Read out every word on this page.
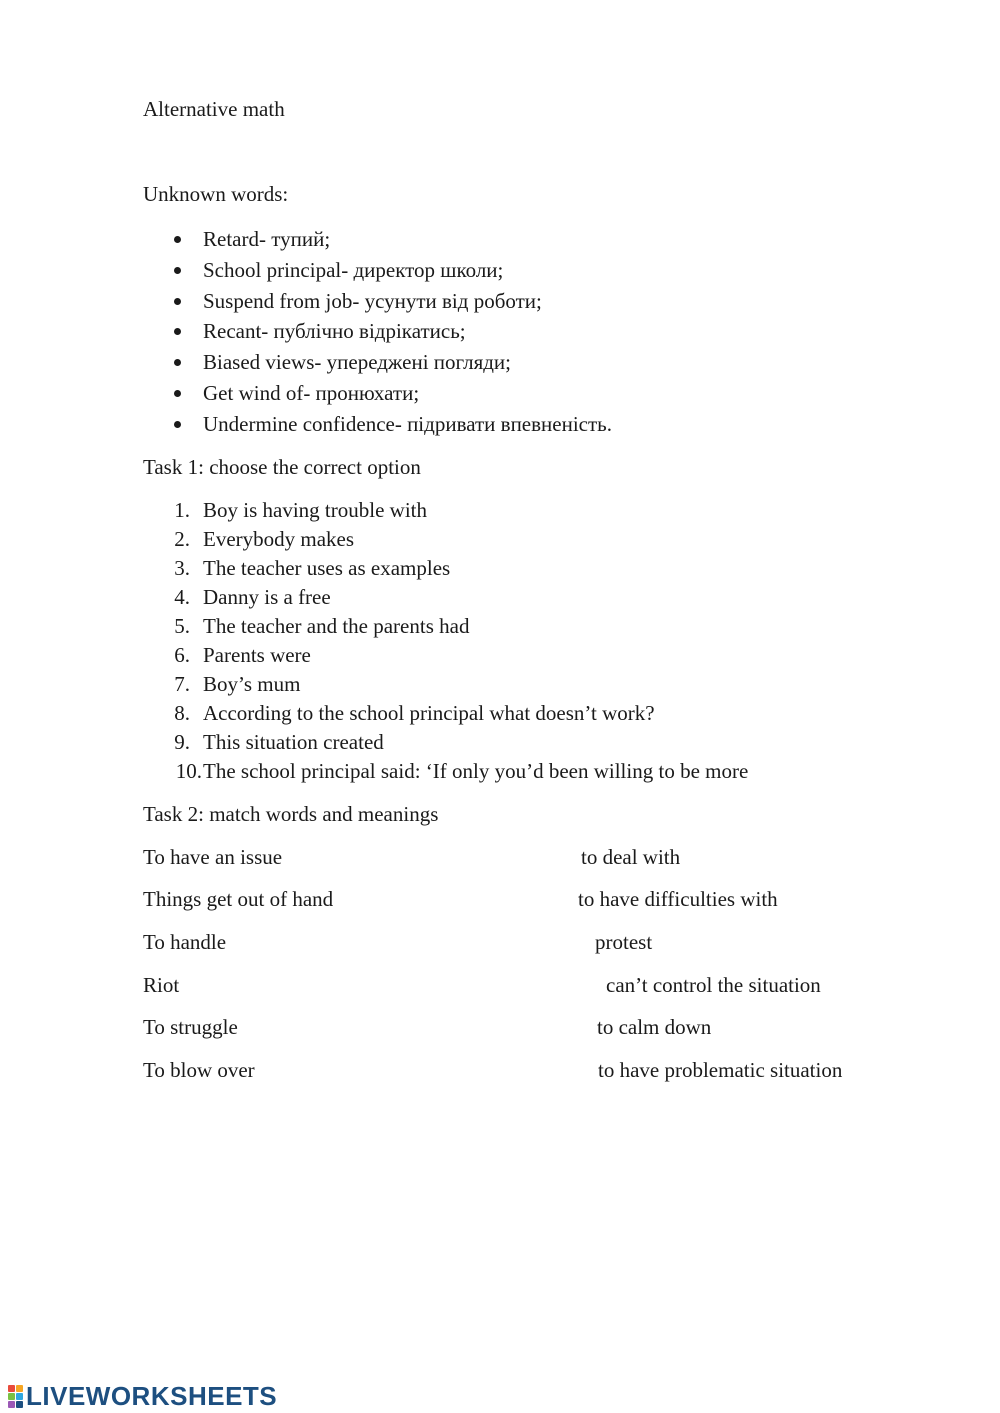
Alternative math
Unknown words:
Retard- тупий;
School principal- директор школи;
Suspend from job- усунути від роботи;
Recant- публічно відрікатись;
Biased views- упереджені погляди;
Get wind of- пронюхати;
Undermine confidence- підривати впевненість.
Task 1: choose the correct option
1. Boy is having trouble with
2. Everybody makes
3. The teacher uses as examples
4. Danny is a free
5. The teacher and the parents had
6. Parents were
7. Boy’s mum
8. According to the school principal what doesn’t work?
9. This situation created
10. The school principal said: ‘If only you’d been willing to be more
Task 2: match words and meanings
To have an issue	to deal with
Things get out of hand	to have difficulties with
To handle	protest
Riot	can’t control the situation
To struggle	to calm down
To blow over	to have problematic situation
LIVEWORKSHEETS
